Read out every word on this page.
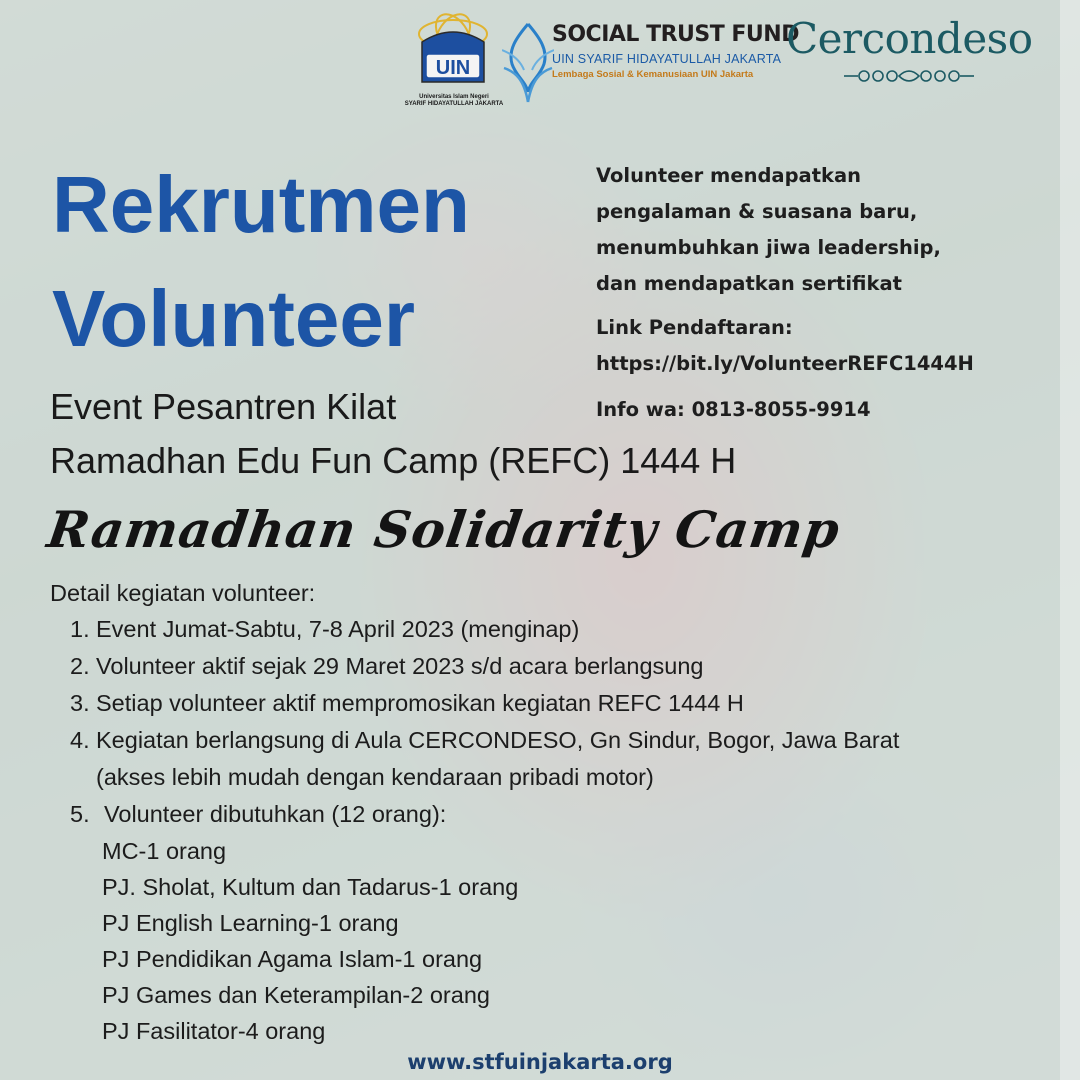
UIN
Universitas Islam Negeri
SYARIF HIDAYATULLAH JAKARTA
SOCIAL TRUST FUND
UIN SYARIF HIDAYATULLAH JAKARTA
Lembaga Sosial & Kemanusiaan UIN Jakarta
Cercondeso
Rekrutmen
Volunteer
Event Pesantren Kilat
Ramadhan Edu Fun Camp (REFC) 1444 H
Ramadhan Solidarity Camp

Volunteer mendapatkan

pengalaman & suasana baru,

menumbuhkan jiwa leadership,

dan mendapatkan sertifikat

Link Pendaftaran:

https://bit.ly/VolunteerREFC1444H

Info wa: 0813-8055-9914

Detail kegiatan volunteer:
1. Event Jumat-Sabtu, 7-8 April 2023 (menginap)
2. Volunteer aktif sejak 29 Maret 2023 s/d acara berlangsung
3. Setiap volunteer aktif mempromosikan kegiatan REFC 1444 H
4. Kegiatan berlangsung di Aula CERCONDESO, Gn Sindur, Bogor, Jawa Barat
(akses lebih mudah dengan kendaraan pribadi motor)
5. Volunteer dibutuhkan (12 orang):
MC-1 orang
PJ. Sholat, Kultum dan Tadarus-1 orang
PJ English Learning-1 orang
PJ Pendidikan Agama Islam-1 orang
PJ Games dan Keterampilan-2 orang
PJ Fasilitator-4 orang
www.stfuinjakarta.org
